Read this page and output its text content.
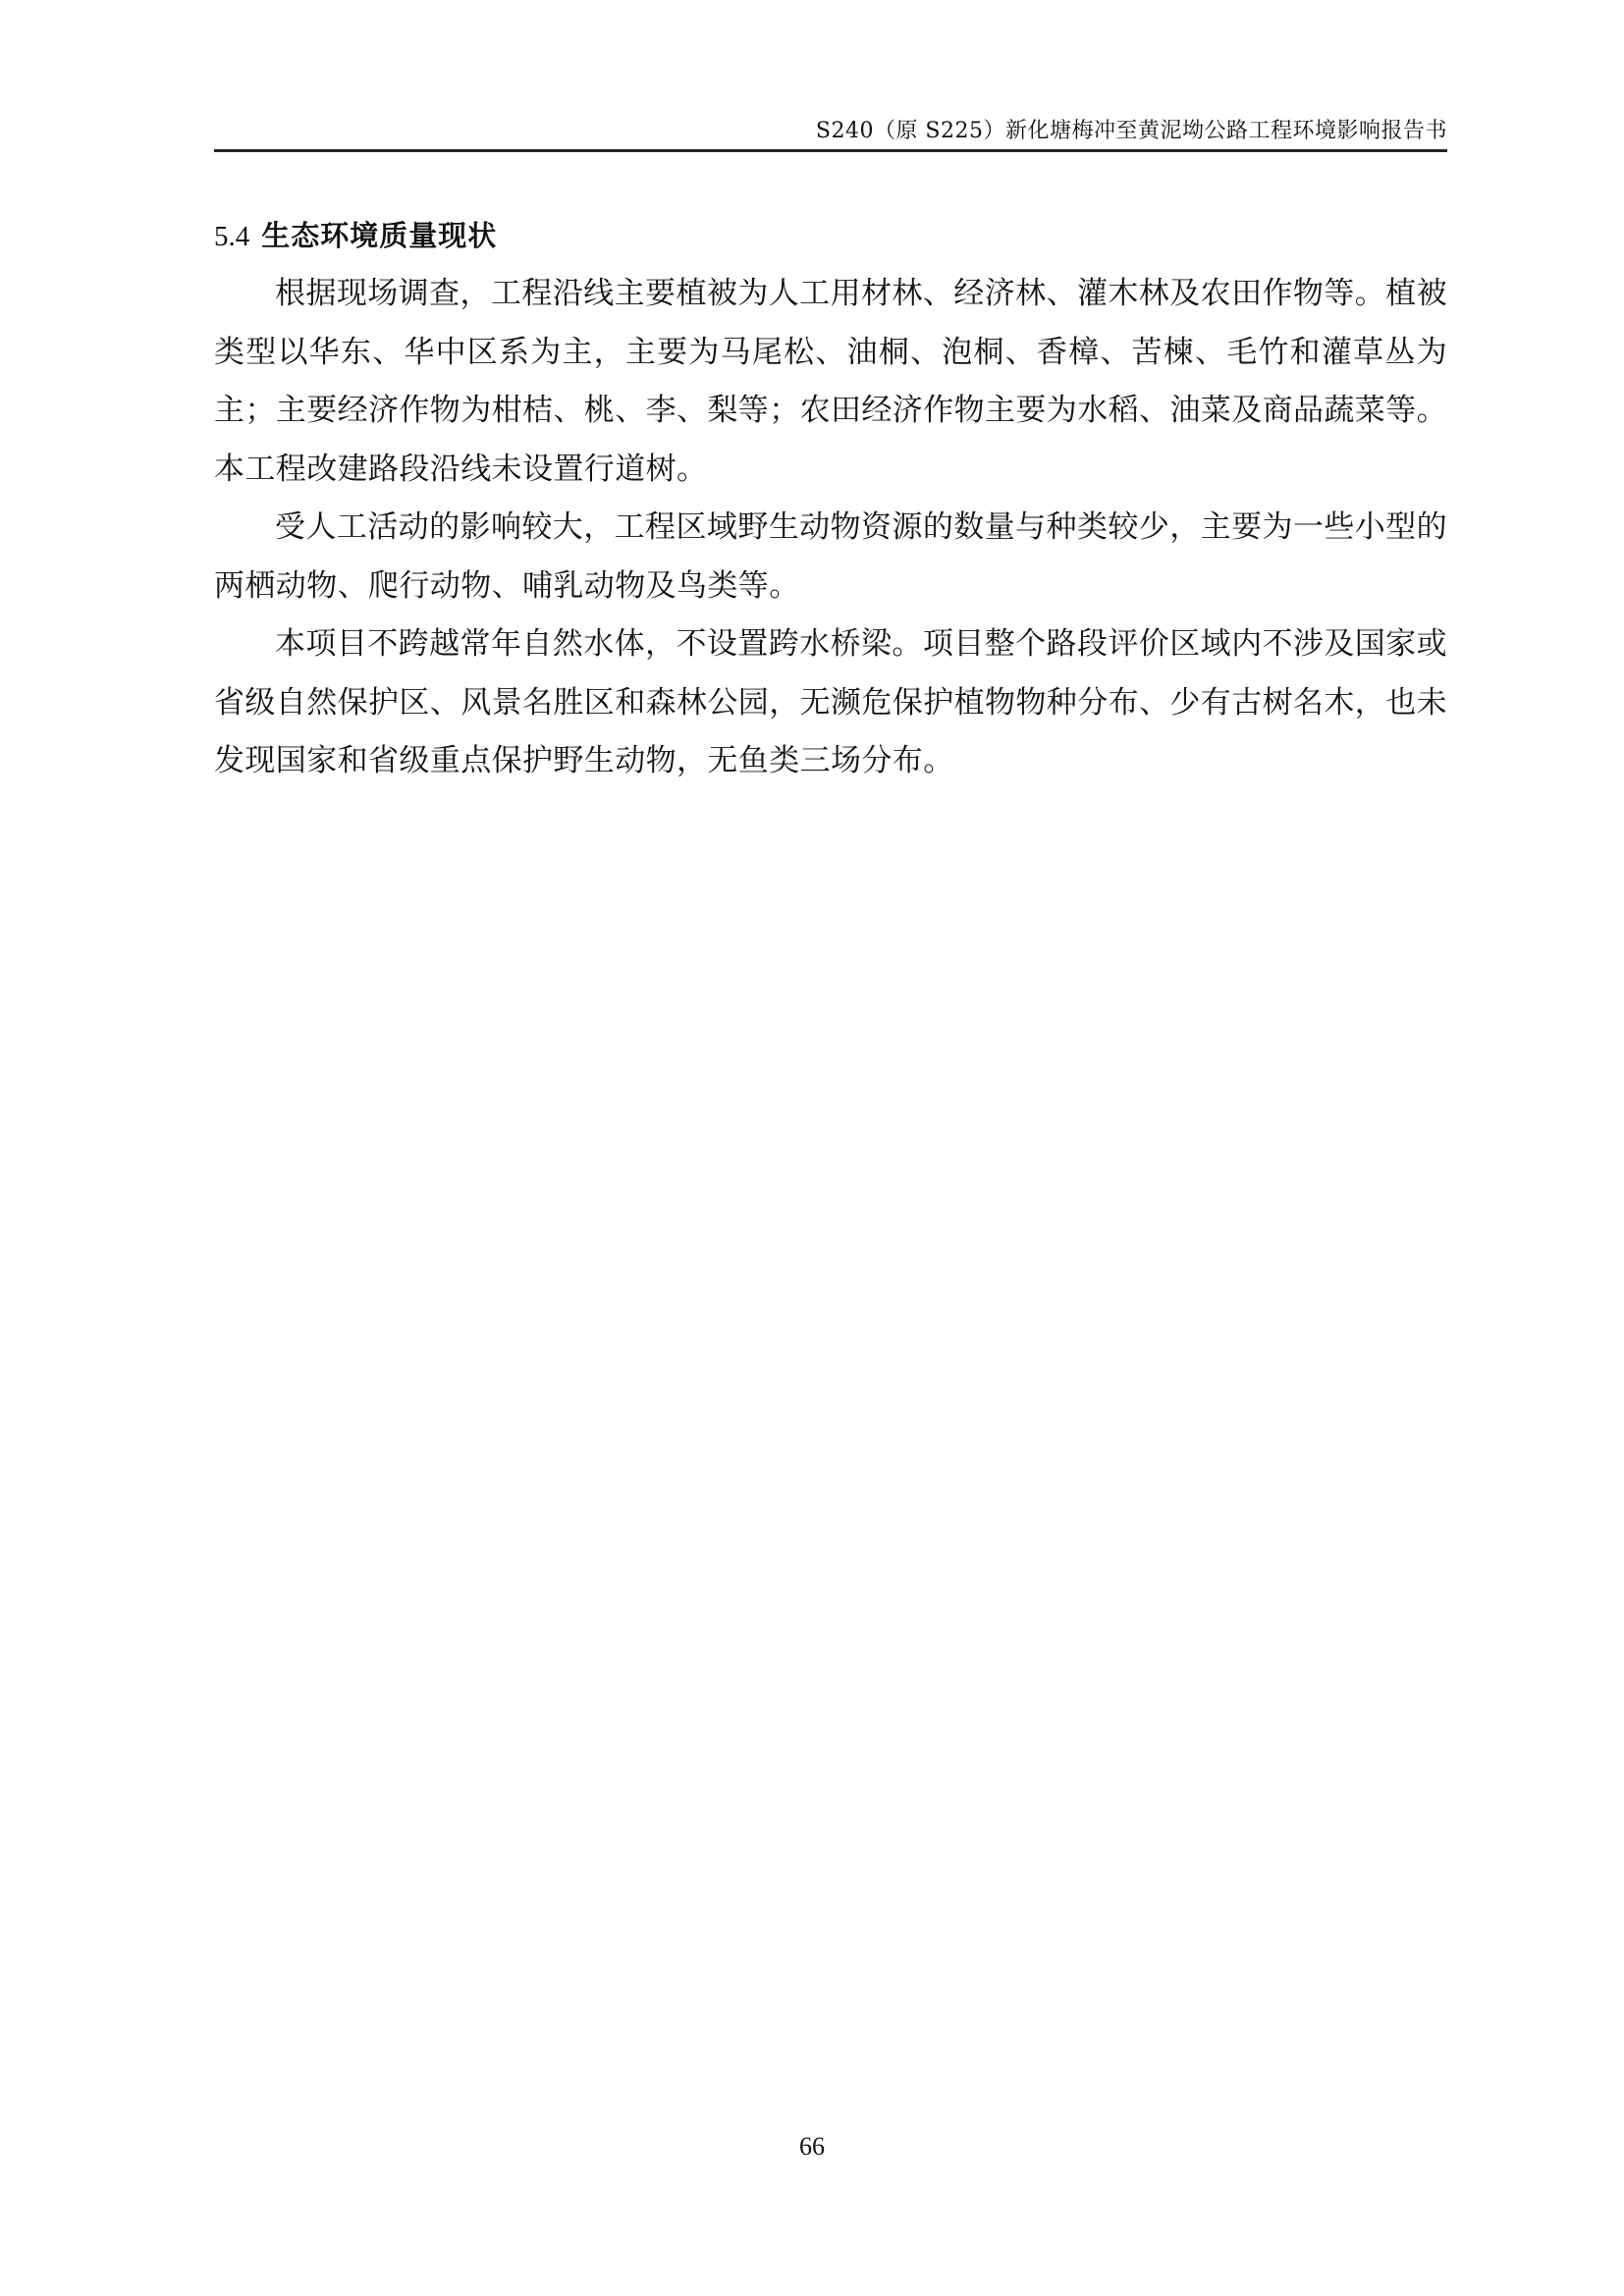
S240（原 S225）新化塘梅冲至黄泥坳公路工程环境影响报告书
5.4 生态环境质量现状

根据现场调查，工程沿线主要植被为人工用材林、经济林、灌木林及农田作物等。植被类型以华东、华中区系为主，主要为马尾松、油桐、泡桐、香樟、苦楝、毛竹和灌草丛为主；主要经济作物为柑桔、桃、李、梨等；农田经济作物主要为水稻、油菜及商品蔬菜等。本工程改建路段沿线未设置行道树。

受人工活动的影响较大，工程区域野生动物资源的数量与种类较少，主要为一些小型的两栖动物、爬行动物、哺乳动物及鸟类等。

本项目不跨越常年自然水体，不设置跨水桥梁。项目整个路段评价区域内不涉及国家或省级自然保护区、风景名胜区和森林公园，无濒危保护植物物种分布、少有古树名木，也未发现国家和省级重点保护野生动物，无鱼类三场分布。

66
